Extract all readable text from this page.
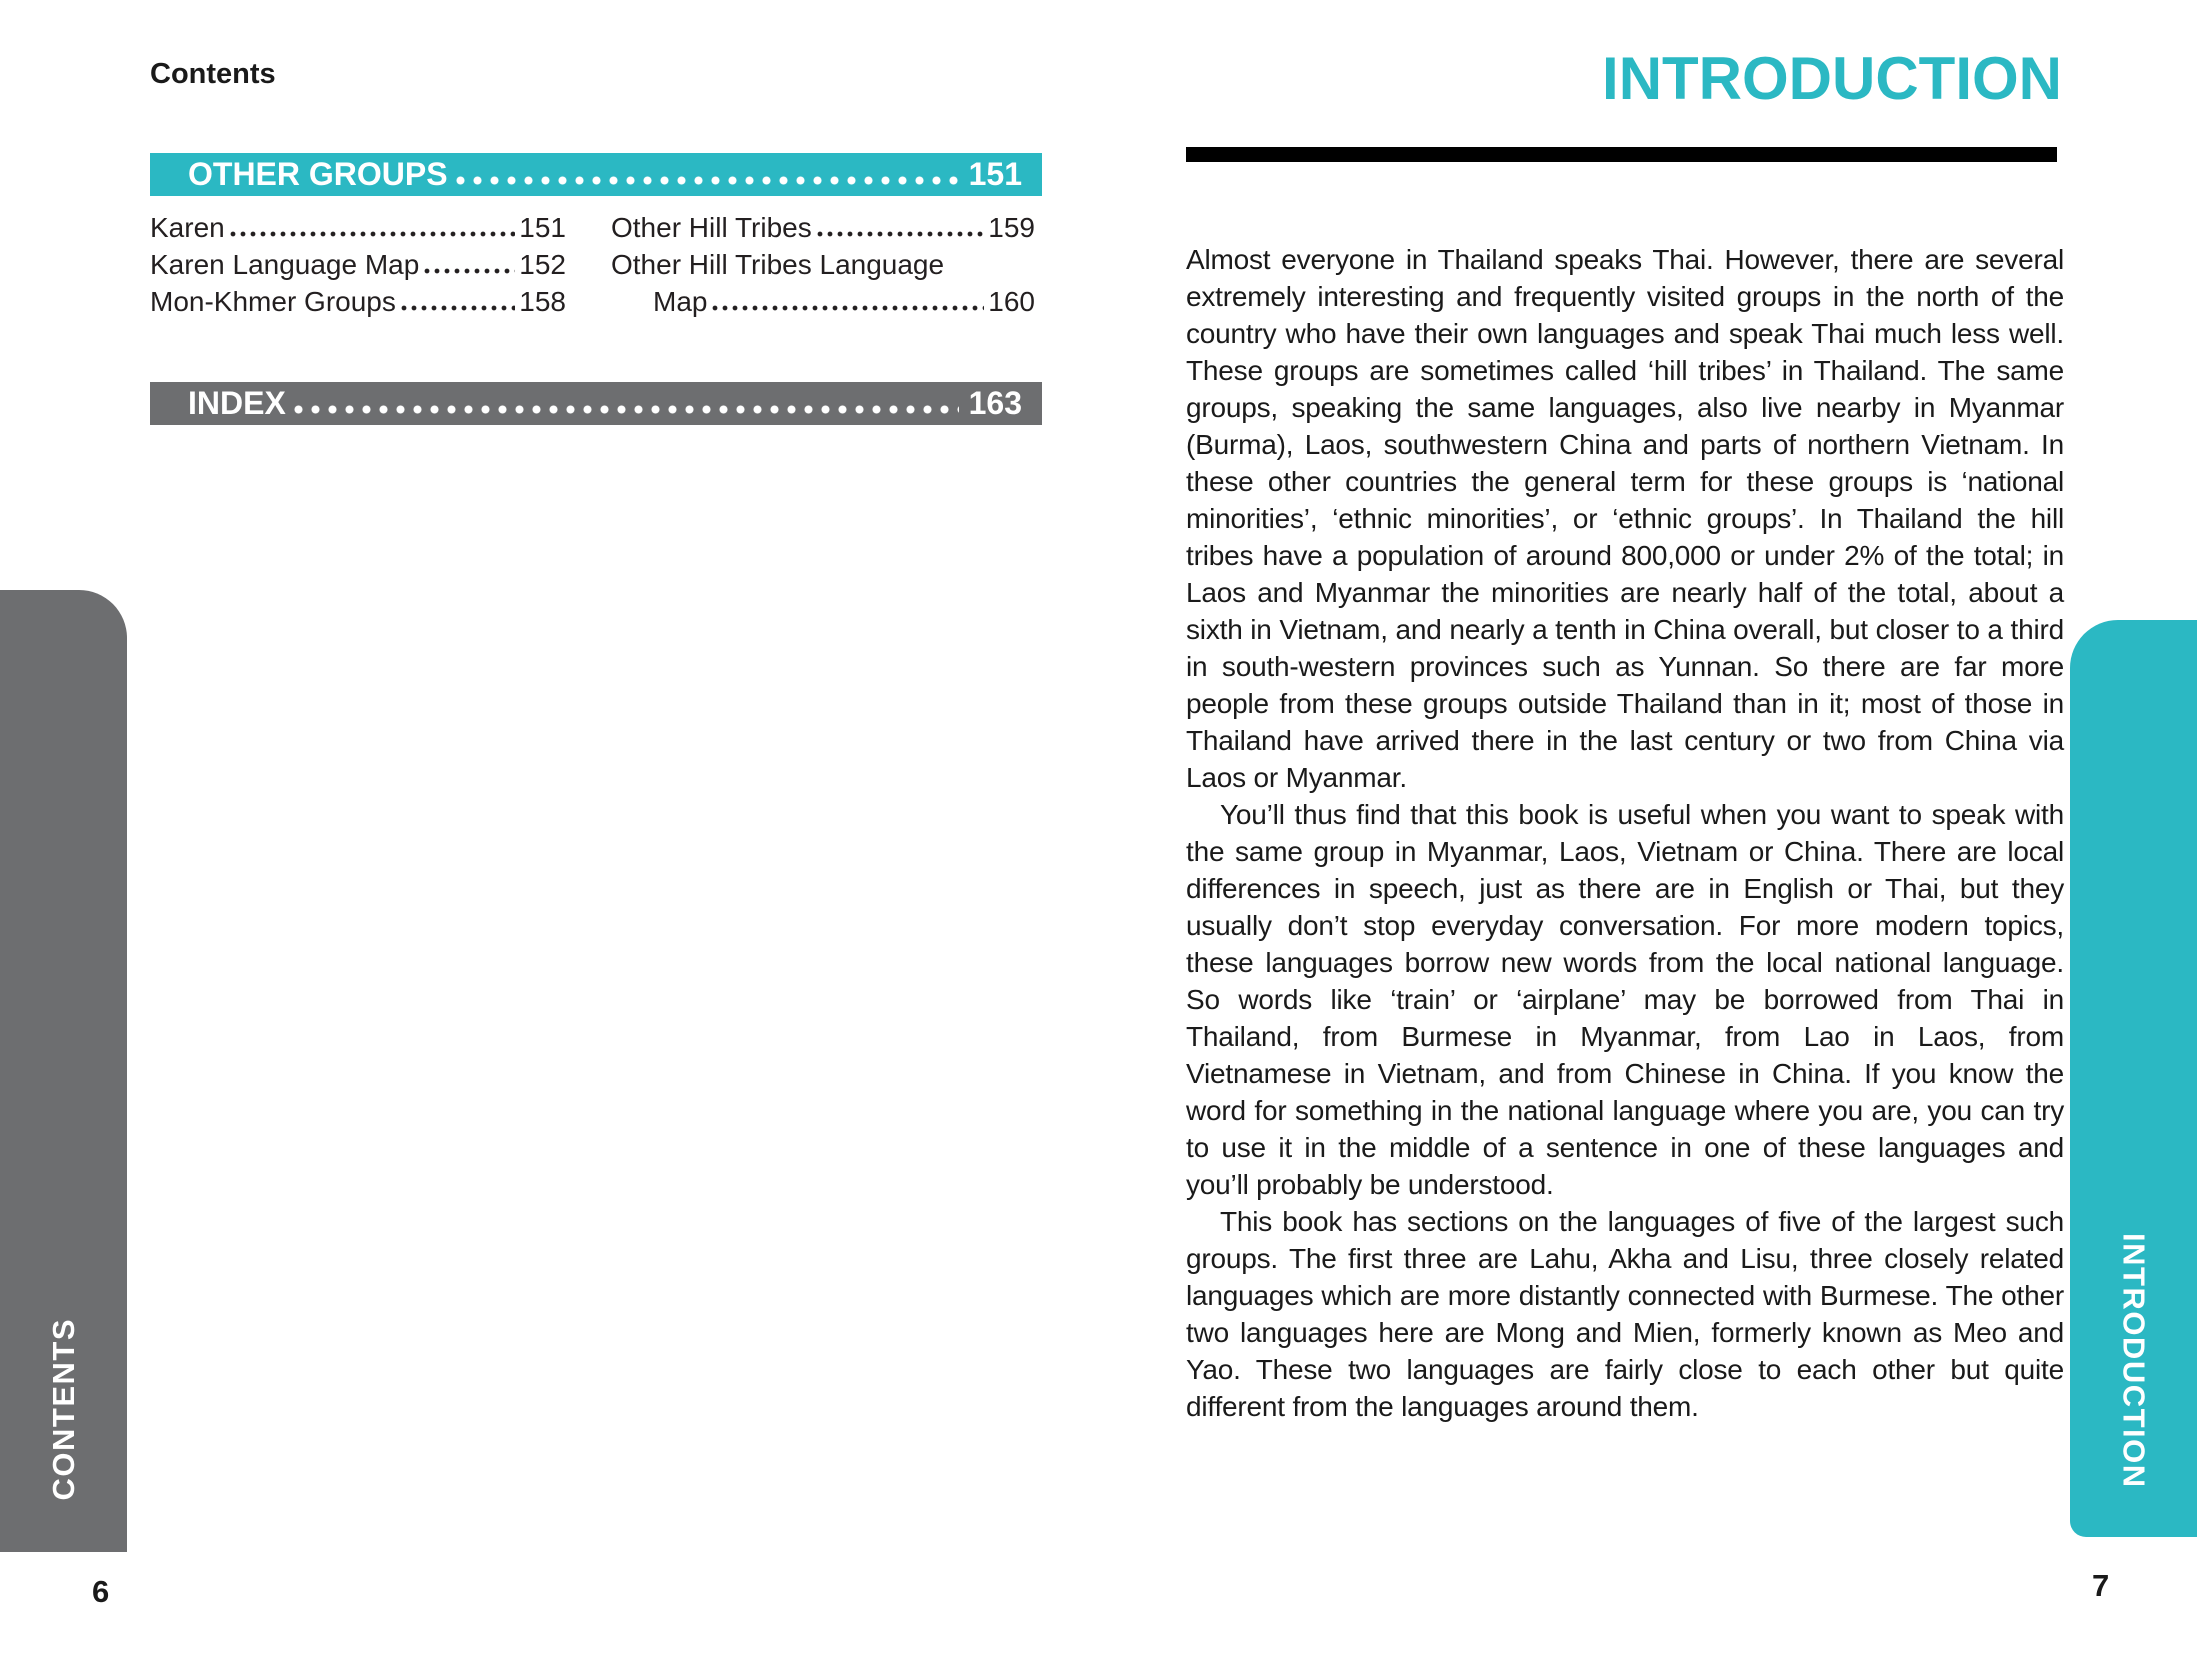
Contents
OTHER GROUPS	151
Karen	151
Karen Language Map	152
Mon-Khmer Groups	158
Other Hill Tribes	159
Other Hill Tribes Language
Map	160
INDEX	163
CONTENTS
6
INTRODUCTION

Almost everyone in Thailand speaks Thai. However, there are several extremely interesting and frequently visited groups in the north of the country who have their own languages and speak Thai much less well. These groups are sometimes called ‘hill tribes’ in Thailand. The same groups, speaking the same languages, also live nearby in Myanmar (Burma), Laos, southwestern China and parts of northern Vietnam. In these other countries the general term for these groups is ‘national minorities’, ‘ethnic minorities’, or ‘ethnic groups’. In Thailand the hill tribes have a population of around 800,000 or under 2% of the total; in Laos and Myanmar the minorities are nearly half of the total, about a sixth in Vietnam, and nearly a tenth in China overall, but closer to a third in south-western provinces such as Yunnan. So there are far more people from these groups outside Thailand than in it; most of those in Thailand have arrived there in the last century or two from China via Laos or Myanmar.

You’ll thus find that this book is useful when you want to speak with the same group in Myanmar, Laos, Vietnam or China. There are local differences in speech, just as there are in English or Thai, but they usually don’t stop everyday conversation. For more modern topics, these languages borrow new words from the local national language. So words like ‘train’ or ‘airplane’ may be borrowed from Thai in Thailand, from Burmese in Myanmar, from Lao in Laos, from Vietnamese in Vietnam, and from Chinese in China. If you know the word for something in the national language where you are, you can try to use it in the middle of a sentence in one of these languages and you’ll probably be understood.

This book has sections on the languages of five of the largest such groups. The first three are Lahu, Akha and Lisu, three closely related languages which are more distantly connected with Burmese. The other two languages here are Mong and Mien, formerly known as Meo and Yao. These two languages are fairly close to each other but quite different from the languages around them.	INTRODUCTION
7
